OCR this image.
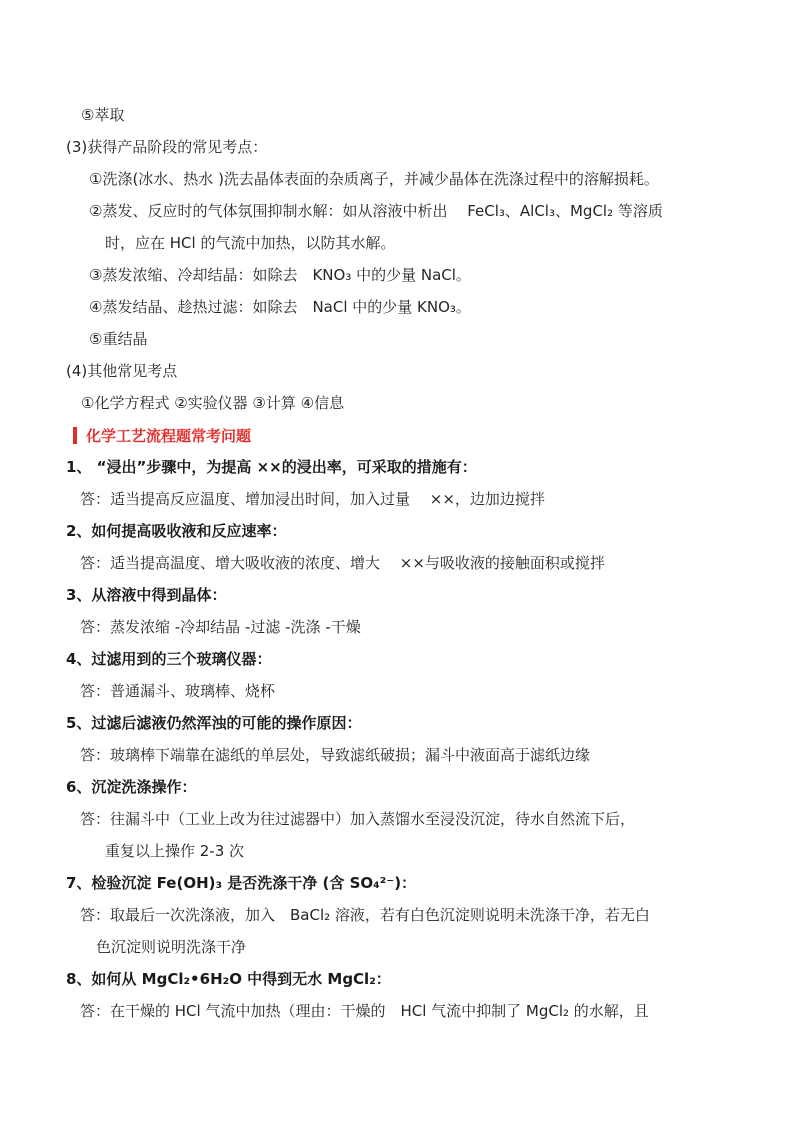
⑤萃取
(3)获得产品阶段的常见考点：
①洗涤(冰水、热水 )洗去晶体表面的杂质离子，并减少晶体在洗涤过程中的溶解损耗。
②蒸发、反应时的气体氛围抑制水解：如从溶液中析出　 FeCl₃、AlCl₃、MgCl₂ 等溶质
时，应在 HCl 的气流中加热，以防其水解。
③蒸发浓缩、冷却结晶：如除去　KNO₃ 中的少量 NaCl。
④蒸发结晶、趁热过滤：如除去　NaCl 中的少量 KNO₃。
⑤重结晶
(4)其他常见考点
①化学方程式 ②实验仪器 ③计算 ④信息
化学工艺流程题常考问题
1、 “浸出”步骤中，为提高 ××的浸出率，可采取的措施有：
答：适当提高反应温度、增加浸出时间，加入过量　 ××，边加边搅拌
2、如何提高吸收液和反应速率：
答：适当提高温度、增大吸收液的浓度、增大　 ××与吸收液的接触面积或搅拌
3、从溶液中得到晶体：
答：蒸发浓缩 -冷却结晶 -过滤 -洗涤 -干燥
4、过滤用到的三个玻璃仪器：
答：普通漏斗、玻璃棒、烧杯
5、过滤后滤液仍然浑浊的可能的操作原因：
答：玻璃棒下端靠在滤纸的单层处，导致滤纸破损；漏斗中液面高于滤纸边缘
6、沉淀洗涤操作：
答：往漏斗中（工业上改为往过滤器中）加入蒸馏水至浸没沉淀，待水自然流下后，
重复以上操作 2-3 次
7、检验沉淀 Fe(OH)₃ 是否洗涤干净 (含 SO₄²⁻)：
答：取最后一次洗涤液，加入　BaCl₂ 溶液，若有白色沉淀则说明未洗涤干净，若无白
色沉淀则说明洗涤干净
8、如何从 MgCl₂•6H₂O 中得到无水 MgCl₂：
答：在干燥的 HCl 气流中加热（理由：干燥的　HCl 气流中抑制了 MgCl₂ 的水解，且
